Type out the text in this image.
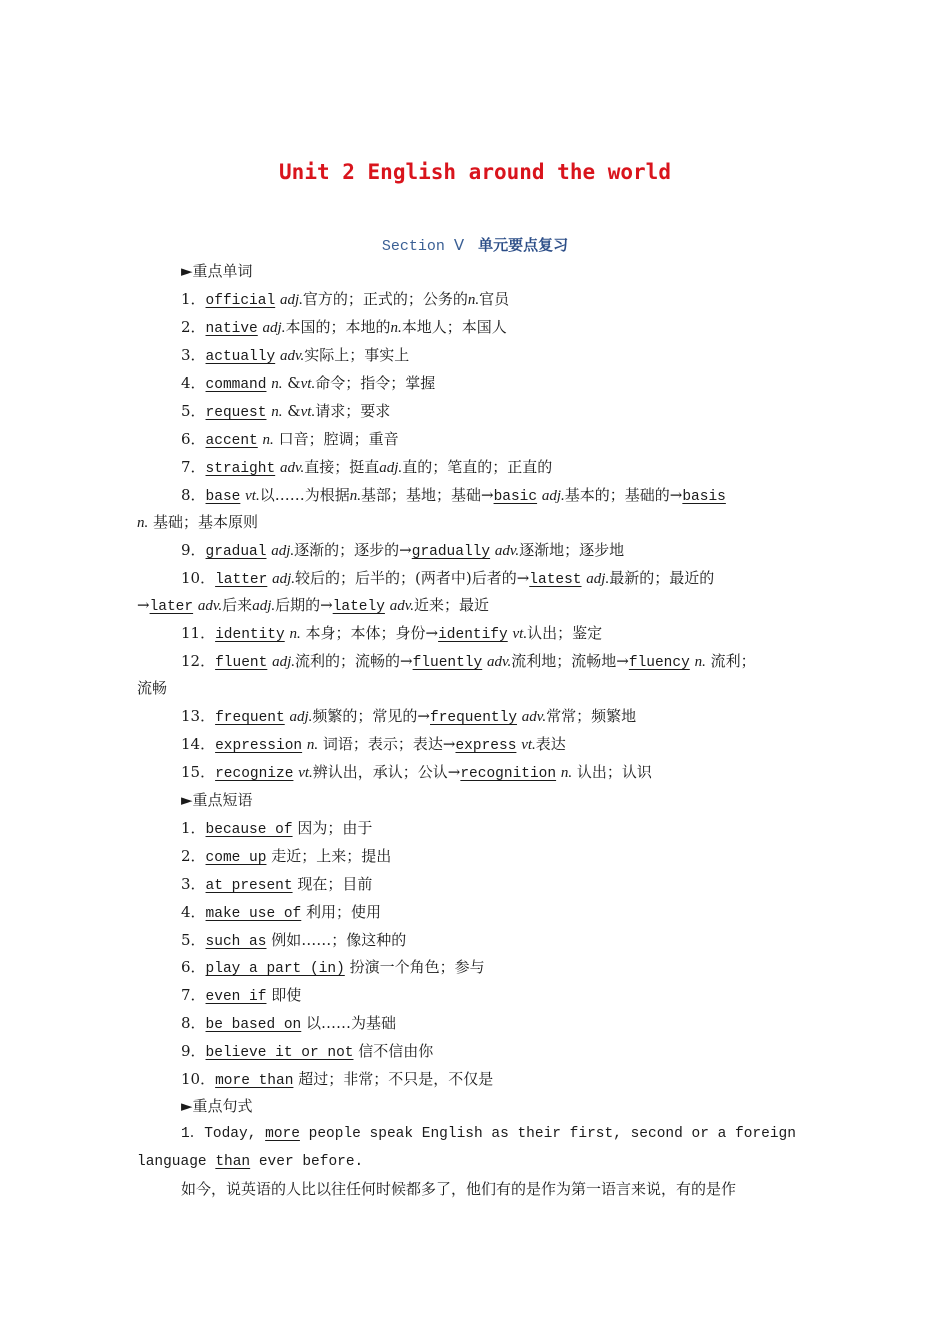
Unit 2 English around the world
Section Ⅴ 单元要点复习
►重点单词
1．official adj.官方的；正式的；公务的n.官员
2．native adj.本国的；本地的n.本地人；本国人
3．actually adv.实际上；事实上
4．command n. &vt.命令；指令；掌握
5．request n. &vt.请求；要求
6．accent n. 口音；腔调；重音
7．straight adv.直接；挺直adj.直的；笔直的；正直的
8．base vt.以……为根据n.基部；基地；基础→basic adj.基本的；基础的→basis
n. 基础；基本原则
9．gradual adj.逐渐的；逐步的→gradually adv.逐渐地；逐步地
10．latter adj.较后的；后半的；(两者中)后者的→latest adj.最新的；最近的
→later adv.后来adj.后期的→lately adv.近来；最近
11．identity n. 本身；本体；身份→identify vt.认出；鉴定
12．fluent adj.流利的；流畅的→fluently adv.流利地；流畅地→fluency n. 流利；
流畅
13．frequent adj.频繁的；常见的→frequently adv.常常；频繁地
14．expression n. 词语；表示；表达→express vt.表达
15．recognize vt.辨认出，承认；公认→recognition n. 认出；认识
►重点短语
1．because of 因为；由于
2．come up 走近；上来；提出
3．at present 现在；目前
4．make use of 利用；使用
5．such as 例如……；像这种的
6．play a part (in) 扮演一个角色；参与
7．even if 即使
8．be based on 以……为基础
9．believe it or not 信不信由你
10．more than 超过；非常；不只是，不仅是
►重点句式
1．Today, more people speak English as their first, second or a foreign
language than ever before.
如今，说英语的人比以往任何时候都多了，他们有的是作为第一语言来说，有的是作
